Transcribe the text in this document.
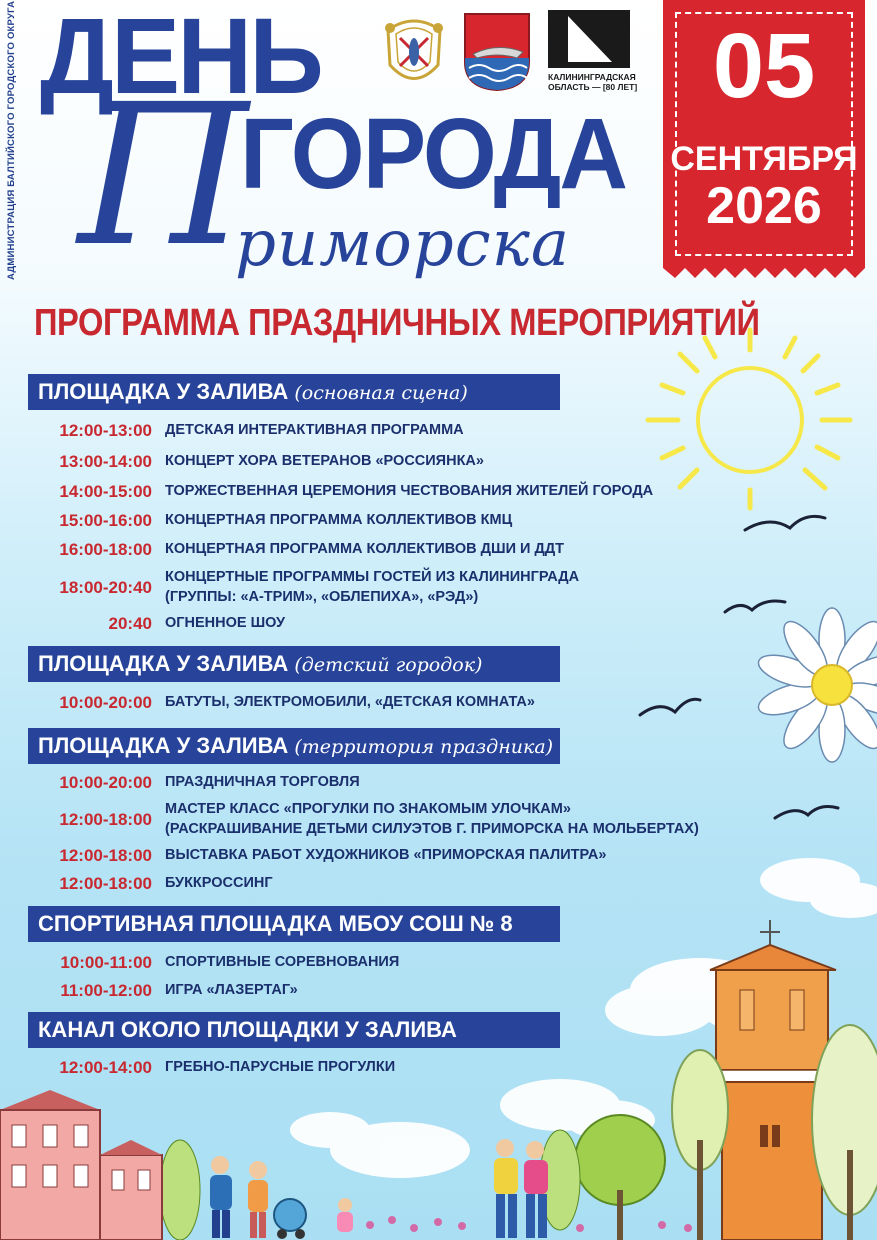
АДМИНИСТРАЦИЯ БАЛТИЙСКОГО ГОРОДСКОГО ОКРУГА ДЕНЬ
П
ГОРОДА
риморска
КАЛИНИНГРАДСКАЯ
ОБЛАСТЬ — [80 ЛЕТ] 05
СЕНТЯБРЯ
2026
ПРОГРАММА ПРАЗДНИЧНЫХ МЕРОПРИЯТИЙ
ПЛОЩАДКА У ЗАЛИВА (основная сцена)
12:00-13:00 ДЕТСКАЯ ИНТЕРАКТИВНАЯ ПРОГРАММА
13:00-14:00 КОНЦЕРТ ХОРА ВЕТЕРАНОВ «РОССИЯНКА»
14:00-15:00 ТОРЖЕСТВЕННАЯ ЦЕРЕМОНИЯ ЧЕСТВОВАНИЯ ЖИТЕЛЕЙ ГОРОДА
15:00-16:00 КОНЦЕРТНАЯ ПРОГРАММА КОЛЛЕКТИВОВ КМЦ
16:00-18:00 КОНЦЕРТНАЯ ПРОГРАММА КОЛЛЕКТИВОВ ДШИ И ДДТ
18:00-20:40
КОНЦЕРТНЫЕ ПРОГРАММЫ ГОСТЕЙ ИЗ КАЛИНИНГРАДА
(ГРУППЫ: «А-ТРИМ», «ОБЛЕПИХА», «РЭД»)
20:40 ОГНЕННОЕ ШОУ
ПЛОЩАДКА У ЗАЛИВА (детский городок)
10:00-20:00 БАТУТЫ, ЭЛЕКТРОМОБИЛИ, «ДЕТСКАЯ КОМНАТА»
ПЛОЩАДКА У ЗАЛИВА (территория праздника)
10:00-20:00 ПРАЗДНИЧНАЯ ТОРГОВЛЯ
12:00-18:00
МАСТЕР КЛАСС «ПРОГУЛКИ ПО ЗНАКОМЫМ УЛОЧКАМ»
(РАСКРАШИВАНИЕ ДЕТЬМИ СИЛУЭТОВ Г. ПРИМОРСКА НА МОЛЬБЕРТАХ)
12:00-18:00 ВЫСТАВКА РАБОТ ХУДОЖНИКОВ «ПРИМОРСКАЯ ПАЛИТРА»
12:00-18:00 БУККРОССИНГ
СПОРТИВНАЯ ПЛОЩАДКА МБОУ СОШ № 8
10:00-11:00 СПОРТИВНЫЕ СОРЕВНОВАНИЯ
11:00-12:00 ИГРА «ЛАЗЕРТАГ»
КАНАЛ ОКОЛО ПЛОЩАДКИ У ЗАЛИВА
12:00-14:00 ГРЕБНО-ПАРУСНЫЕ ПРОГУЛКИ
